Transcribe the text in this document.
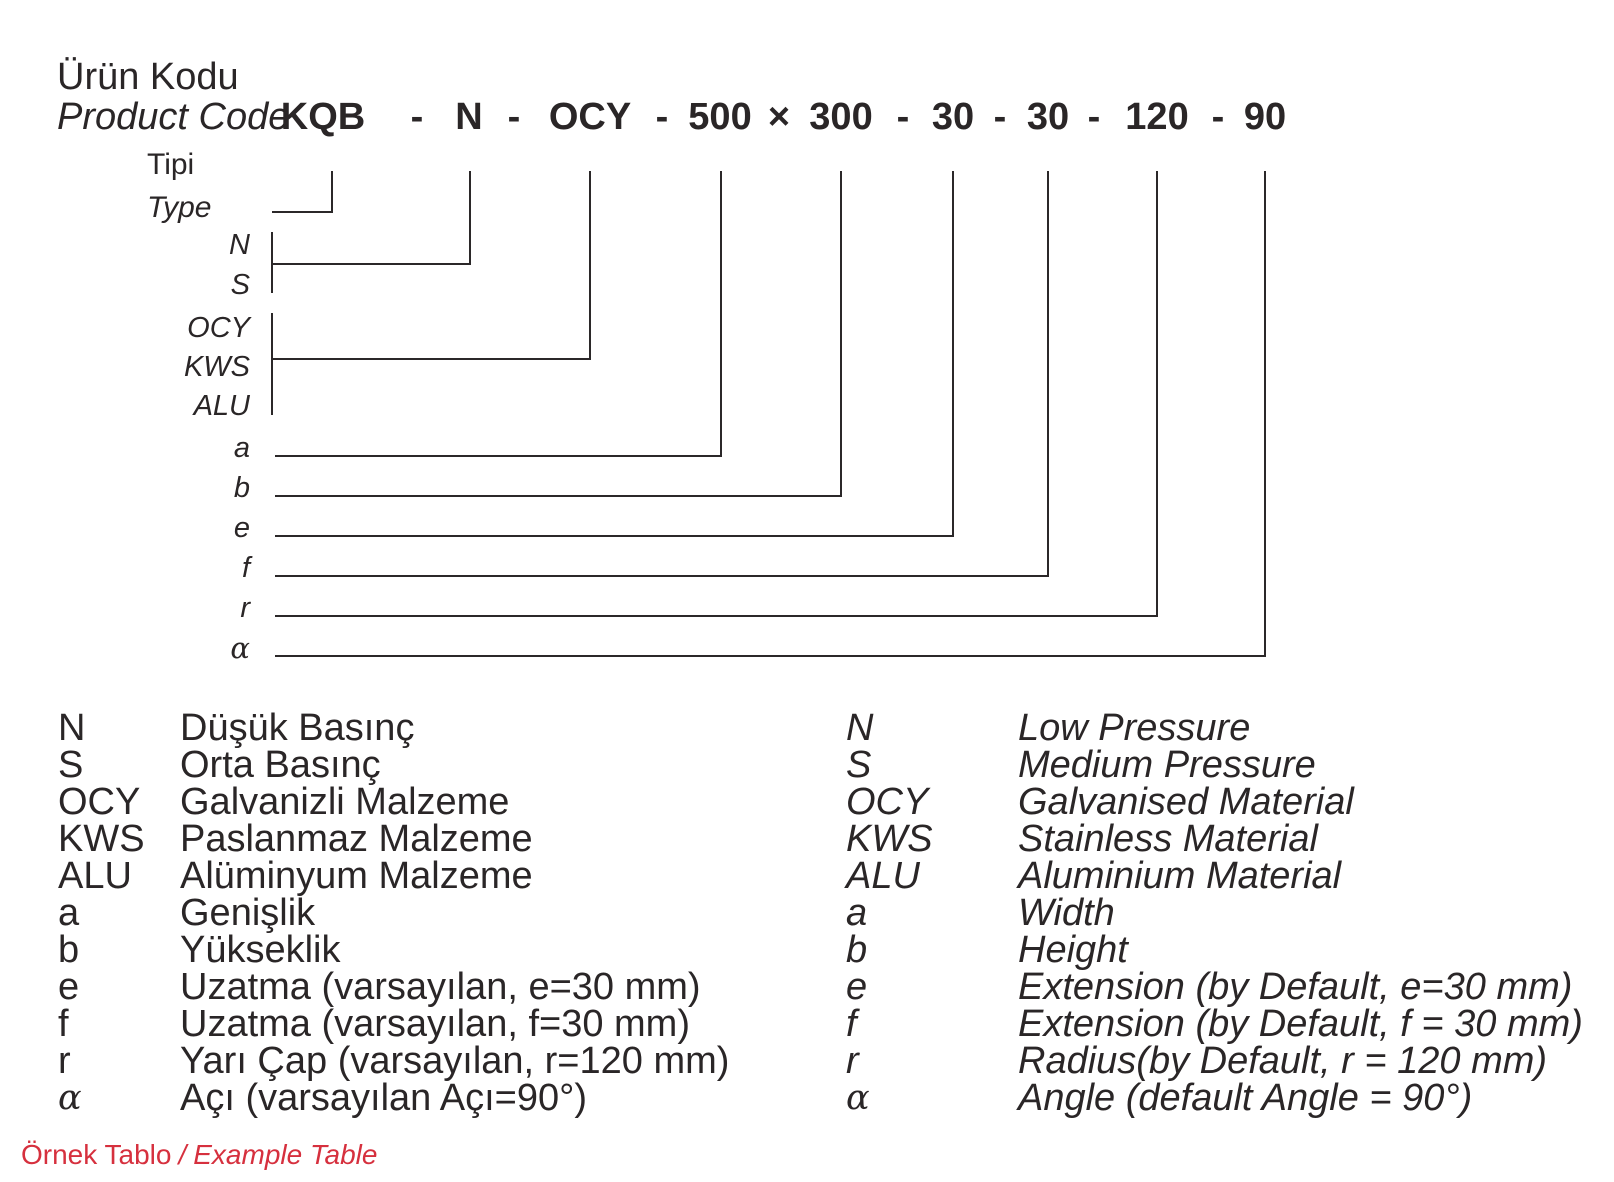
Ürün Kodu
Product Code
KQB - N - OCY - 500 × 300 - 30 - 30 - 120 - 90
Tipi
Type
N
S
OCY
KWS
ALU
a
b
e
f
r
α
N	Düşük Basınç
S	Orta Basınç
OCY	Galvanizli Malzeme
KWS Paslanmaz Malzeme
ALU	Alüminyum Malzeme
a	Genişlik
b	Yükseklik
e	Uzatma (varsayılan, e=30 mm)
f	Uzatma (varsayılan, f=30 mm)
r	Yarı Çap (varsayılan, r=120 mm)
α	Açı (varsayılan Açı=90°)
N	Low Pressure
S	Medium Pressure
OCY	Galvanised Material
KWS	Stainless Material
ALU	Aluminium Material
a	Width
b	Height
e	Extension (by Default, e=30 mm)
f	Extension (by Default, f = 30 mm)
r	Radius(by Default, r = 120 mm)
α	Angle (default Angle = 90°)
Örnek Tablo / Example Table
